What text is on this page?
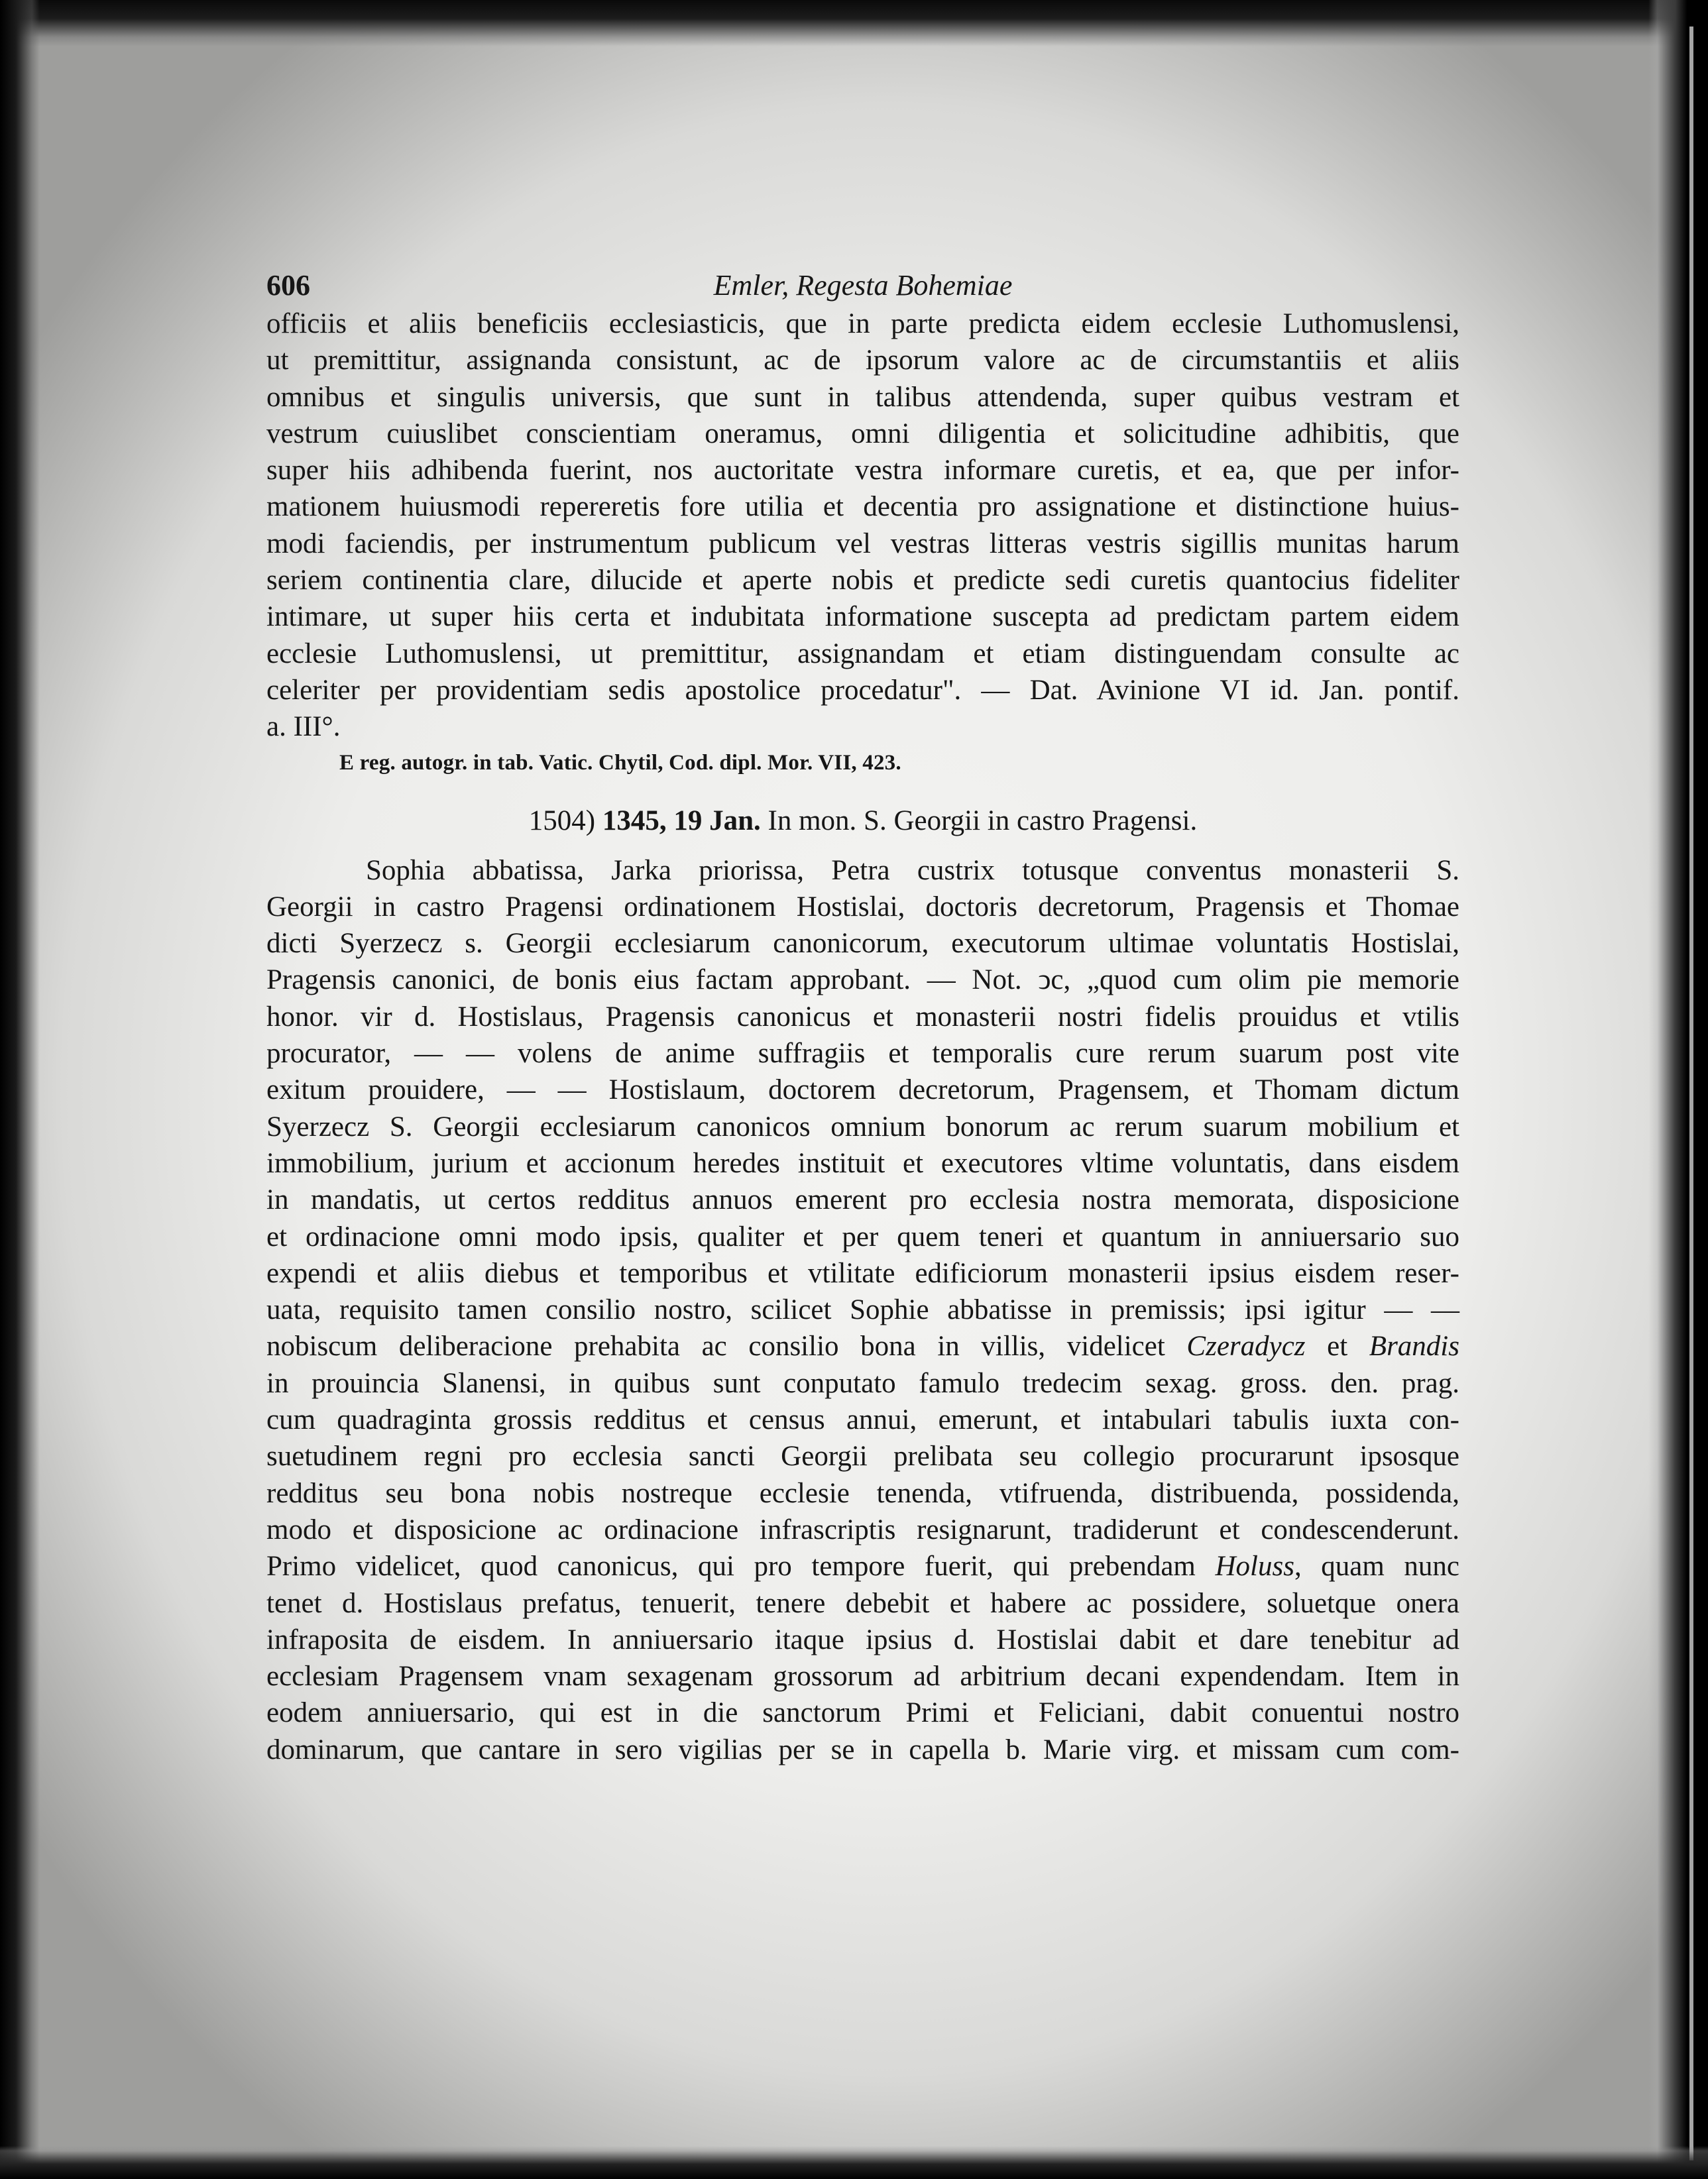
606	Emler, Regesta Bohemiae
officiis et aliis beneficiis ecclesiasticis, que in parte predicta eidem ecclesie Luthomuslensi,
ut premittitur, assignanda consistunt, ac de ipsorum valore ac de circumstantiis et aliis
omnibus et singulis universis, que sunt in talibus attendenda, super quibus vestram et
vestrum cuiuslibet conscientiam oneramus, omni diligentia et solicitudine adhibitis, que
super hiis adhibenda fuerint, nos auctoritate vestra informare curetis, et ea, que per infor-
mationem huiusmodi repereretis fore utilia et decentia pro assignatione et distinctione huius-
modi faciendis, per instrumentum publicum vel vestras litteras vestris sigillis munitas harum
seriem continentia clare, dilucide et aperte nobis et predicte sedi curetis quantocius fideliter
intimare, ut super hiis certa et indubitata informatione suscepta ad predictam partem eidem
ecclesie Luthomuslensi, ut premittitur, assignandam et etiam distinguendam consulte ac
celeriter per providentiam sedis apostolice procedatur". — Dat. Avinione VI id. Jan. pontif.
a. III°.
E reg. autogr. in tab. Vatic. Chytil, Cod. dipl. Mor. VII, 423.
1504) 1345, 19 Jan. In mon. S. Georgii in castro Pragensi.
Sophia abbatissa, Jarka priorissa, Petra custrix totusque conventus monasterii S.
Georgii in castro Pragensi ordinationem Hostislai, doctoris decretorum, Pragensis et Thomae
dicti Syerzecz s. Georgii ecclesiarum canonicorum, executorum ultimae voluntatis Hostislai,
Pragensis canonici, de bonis eius factam approbant. — Not. ͻc, „quod cum olim pie memorie
honor. vir d. Hostislaus, Pragensis canonicus et monasterii nostri fidelis prouidus et vtilis
procurator, — — volens de anime suffragiis et temporalis cure rerum suarum post vite
exitum prouidere, — — Hostislaum, doctorem decretorum, Pragensem, et Thomam dictum
Syerzecz S. Georgii ecclesiarum canonicos omnium bonorum ac rerum suarum mobilium et
immobilium, jurium et accionum heredes instituit et executores vltime voluntatis, dans eisdem
in mandatis, ut certos redditus annuos emerent pro ecclesia nostra memorata, disposicione
et ordinacione omni modo ipsis, qualiter et per quem teneri et quantum in anniuersario suo
expendi et aliis diebus et temporibus et vtilitate edificiorum monasterii ipsius eisdem reser-
uata, requisito tamen consilio nostro, scilicet Sophie abbatisse in premissis; ipsi igitur — —
nobiscum deliberacione prehabita ac consilio bona in villis, videlicet Czeradycz et Brandis
in prouincia Slanensi, in quibus sunt conputato famulo tredecim sexag. gross. den. prag.
cum quadraginta grossis redditus et census annui, emerunt, et intabulari tabulis iuxta con-
suetudinem regni pro ecclesia sancti Georgii prelibata seu collegio procurarunt ipsosque
redditus seu bona nobis nostreque ecclesie tenenda, vtifruenda, distribuenda, possidenda,
modo et disposicione ac ordinacione infrascriptis resignarunt, tradiderunt et condescenderunt.
Primo videlicet, quod canonicus, qui pro tempore fuerit, qui prebendam Holuss, quam nunc
tenet d. Hostislaus prefatus, tenuerit, tenere debebit et habere ac possidere, soluetque onera
infraposita de eisdem. In anniuersario itaque ipsius d. Hostislai dabit et dare tenebitur ad
ecclesiam Pragensem vnam sexagenam grossorum ad arbitrium decani expendendam. Item in
eodem anniuersario, qui est in die sanctorum Primi et Feliciani, dabit conuentui nostro
dominarum, que cantare in sero vigilias per se in capella b. Marie virg. et missam cum com-
